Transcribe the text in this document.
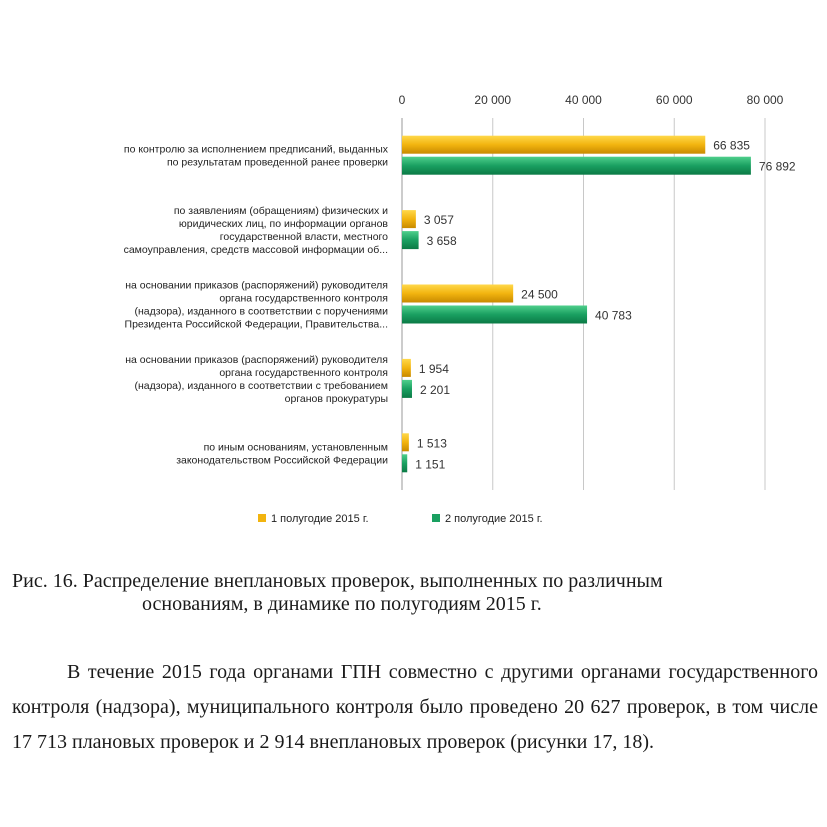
0	20 000	40 000	60 000	80 000
по контролю за исполнением предписаний, выданных по результатам проведенной ранее проверки
по заявлениям (обращениям) физических и юридических лиц, по информации органов государственной власти, местного самоуправления, средств массовой информации об...
на основании приказов (распоряжений) руководителя органа государственного контроля (надзора), изданного в соответствии с поручениями Президента Российской Федерации, Правительства...
на основании приказов (распоряжений) руководителя органа государственного контроля (надзора), изданного в соответствии с требованием органов прокуратуры
по иным основаниям, установленным законодательством Российской Федерации
66 835
76 892
3 057
3 658
24 500
40 783
1 954
2 201
1 513
1 151
1 полугодие 2015 г.	2 полугодие 2015 г.
Рис. 16. Распределение внеплановых проверок, выполненных по различным
основаниям, в динамике по полугодиям 2015 г.
В течение 2015 года органами ГПН совместно с другими органами государственного контроля (надзора), муниципального контроля было проведено 20 627 проверок, в том числе 17 713 плановых проверок и 2 914 внеплановых проверок (рисунки 17, 18).
